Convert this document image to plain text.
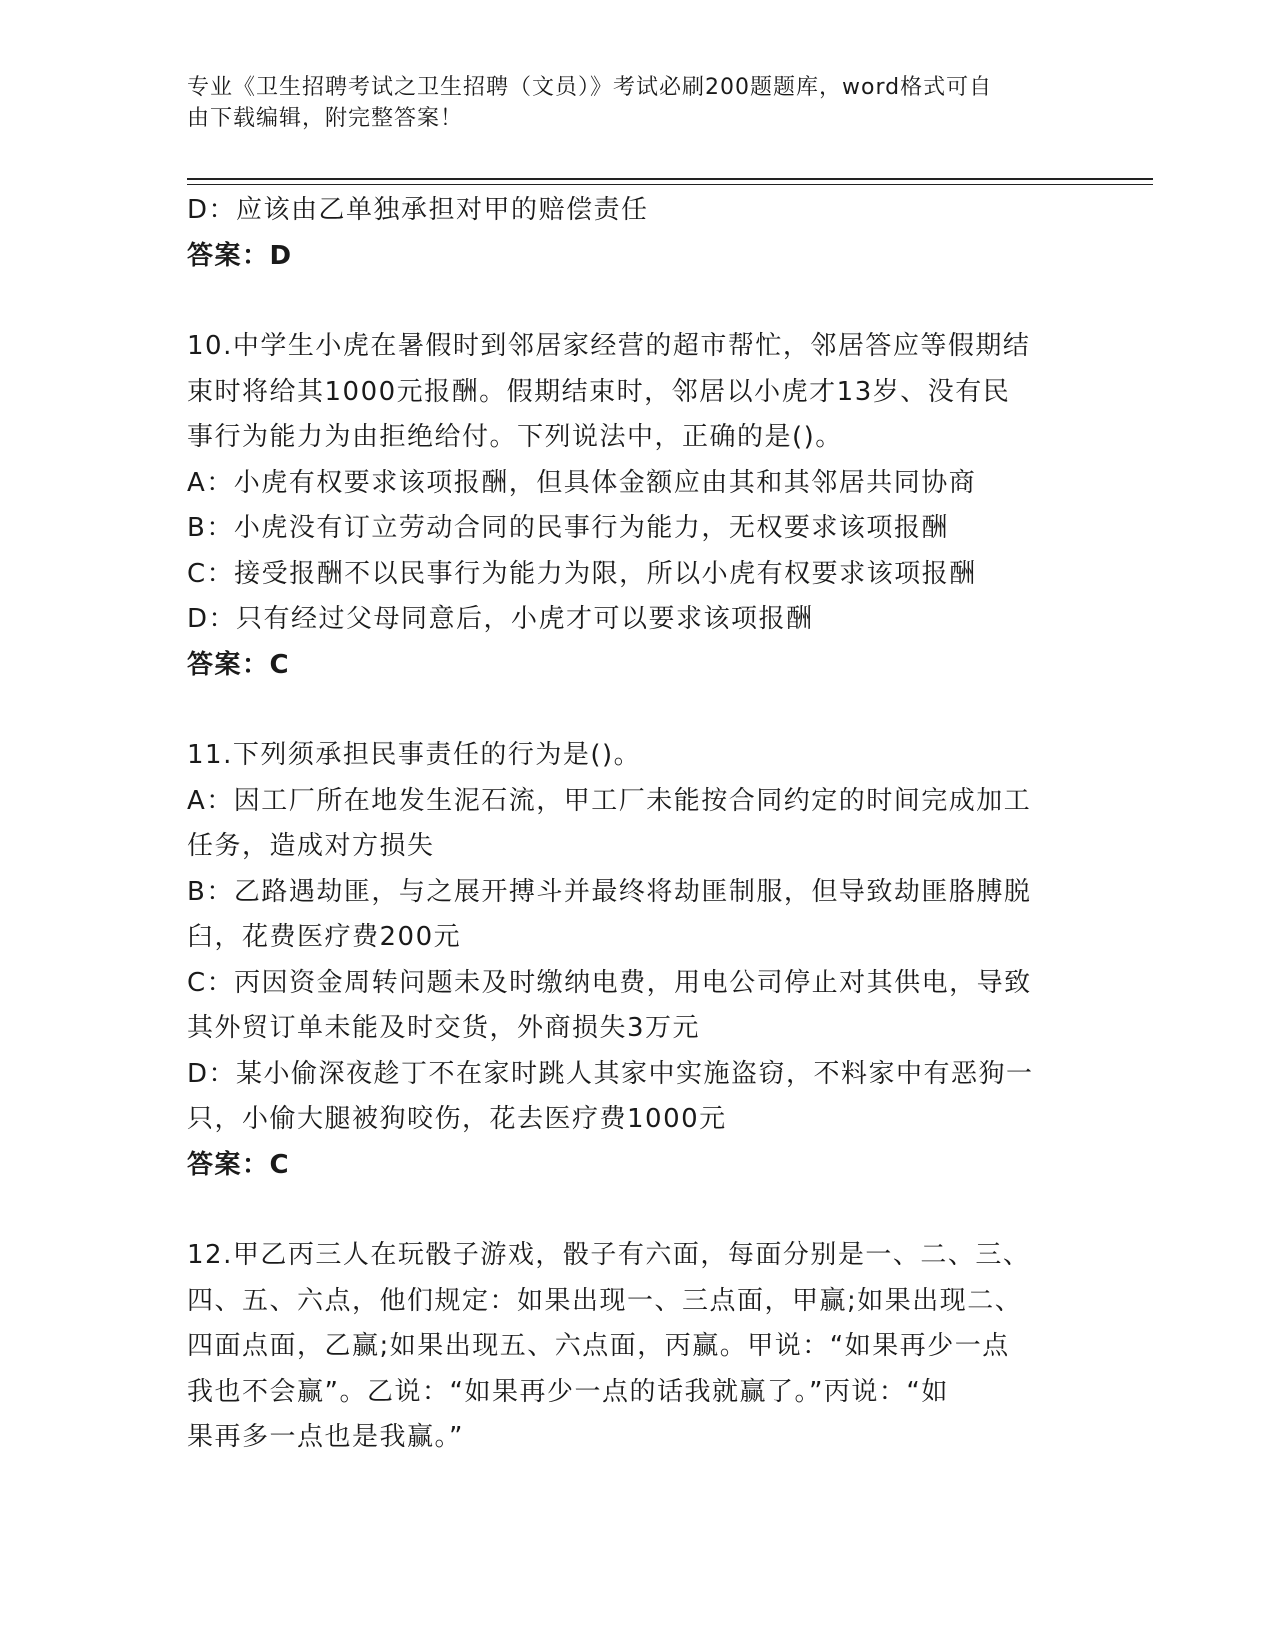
专业《卫生招聘考试之卫生招聘（文员）》考试必刷200题题库，word格式可自
由下载编辑，附完整答案！

D：应该由乙单独承担对甲的赔偿责任

答案：D

10.中学生小虎在暑假时到邻居家经营的超市帮忙，邻居答应等假期结

束时将给其1000元报酬。假期结束时，邻居以小虎才13岁、没有民

事行为能力为由拒绝给付。下列说法中，正确的是()。

A：小虎有权要求该项报酬，但具体金额应由其和其邻居共同协商

B：小虎没有订立劳动合同的民事行为能力，无权要求该项报酬

C：接受报酬不以民事行为能力为限，所以小虎有权要求该项报酬

D：只有经过父母同意后，小虎才可以要求该项报酬

答案：C

11.下列须承担民事责任的行为是()。

A：因工厂所在地发生泥石流，甲工厂未能按合同约定的时间完成加工

任务，造成对方损失

B：乙路遇劫匪，与之展开搏斗并最终将劫匪制服，但导致劫匪胳膊脱

臼，花费医疗费200元

C：丙因资金周转问题未及时缴纳电费，用电公司停止对其供电，导致

其外贸订单未能及时交货，外商损失3万元

D：某小偷深夜趁丁不在家时跳人其家中实施盗窃，不料家中有恶狗一

只，小偷大腿被狗咬伤，花去医疗费1000元

答案：C

12.甲乙丙三人在玩骰子游戏，骰子有六面，每面分别是一、二、三、

四、五、六点，他们规定：如果出现一、三点面，甲赢;如果出现二、

四面点面，乙赢;如果出现五、六点面，丙赢。甲说：“如果再少一点

我也不会赢”。乙说：“如果再少一点的话我就赢了。”丙说：“如

果再多一点也是我赢。”
